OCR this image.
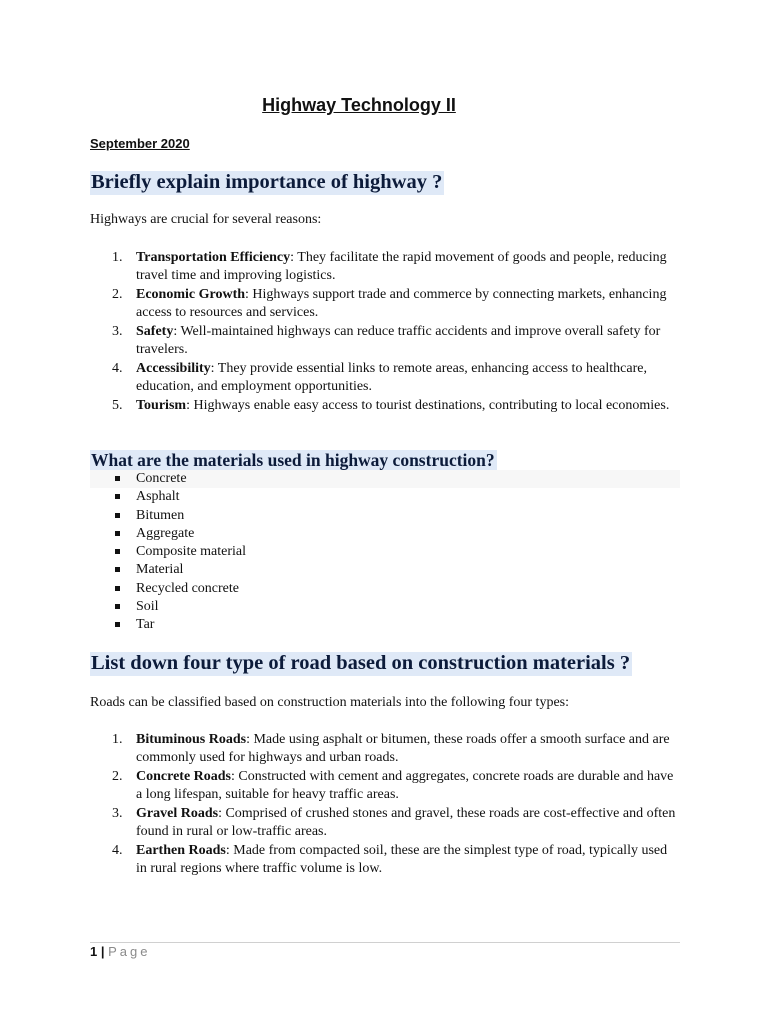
Highway Technology II
September 2020
Briefly explain importance of highway ?
Highways are crucial for several reasons:
1. Transportation Efficiency: They facilitate the rapid movement of goods and people, reducing travel time and improving logistics.
2. Economic Growth: Highways support trade and commerce by connecting markets, enhancing access to resources and services.
3. Safety: Well-maintained highways can reduce traffic accidents and improve overall safety for travelers.
4. Accessibility: They provide essential links to remote areas, enhancing access to healthcare, education, and employment opportunities.
5. Tourism: Highways enable easy access to tourist destinations, contributing to local economies.
What are the materials used in highway construction?
Concrete
Asphalt
Bitumen
Aggregate
Composite material
Material
Recycled concrete
Soil
Tar
List down four type of road based on construction materials ?
Roads can be classified based on construction materials into the following four types:
1. Bituminous Roads: Made using asphalt or bitumen, these roads offer a smooth surface and are commonly used for highways and urban roads.
2. Concrete Roads: Constructed with cement and aggregates, concrete roads are durable and have a long lifespan, suitable for heavy traffic areas.
3. Gravel Roads: Comprised of crushed stones and gravel, these roads are cost-effective and often found in rural or low-traffic areas.
4. Earthen Roads: Made from compacted soil, these are the simplest type of road, typically used in rural regions where traffic volume is low.
1 | Page
